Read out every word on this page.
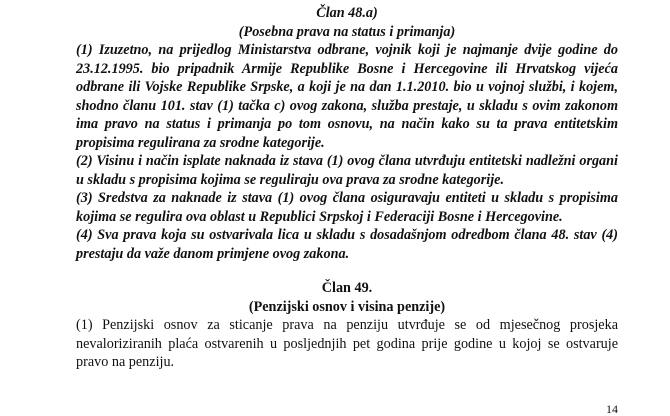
Član 48.a)

(Posebna prava na status i primanja)

(1) Izuzetno, na prijedlog Ministarstva odbrane, vojnik koji je najmanje dvije godine do 23.12.1995. bio pripadnik Armije Republike Bosne i Hercegovine ili Hrvatskog vijeća odbrane ili Vojske Republike Srpske, a koji je na dan 1.1.2010. bio u vojnoj službi, i kojem, shodno članu 101. stav (1) tačka c) ovog zakona, služba prestaje, u skladu s ovim zakonom ima pravo na status i primanja po tom osnovu, na način kako su ta prava entitetskim propisima regulirana za srodne kategorije.

(2) Visinu i način isplate naknada iz stava (1) ovog člana utvrđuju entitetski nadležni organi u skladu s propisima kojima se reguliraju ova prava za srodne kategorije.

(3) Sredstva za naknade iz stava (1) ovog člana osiguravaju entiteti u skladu s propisima kojima se regulira ova oblast u Republici Srpskoj i Federaciji Bosne i Hercegovine.

(4) Sva prava koja su ostvarivala lica u skladu s dosadašnjom odredbom člana 48. stav (4) prestaju da važe danom primjene ovog zakona.

Član 49.

(Penzijski osnov i visina penzije)

(1) Penzijski osnov za sticanje prava na penziju utvrđuje se od mjesečnog prosjeka nevaloriziranih plaća ostvarenih u posljednjih pet godina prije godine u kojoj se ostvaruje pravo na penziju.

14
